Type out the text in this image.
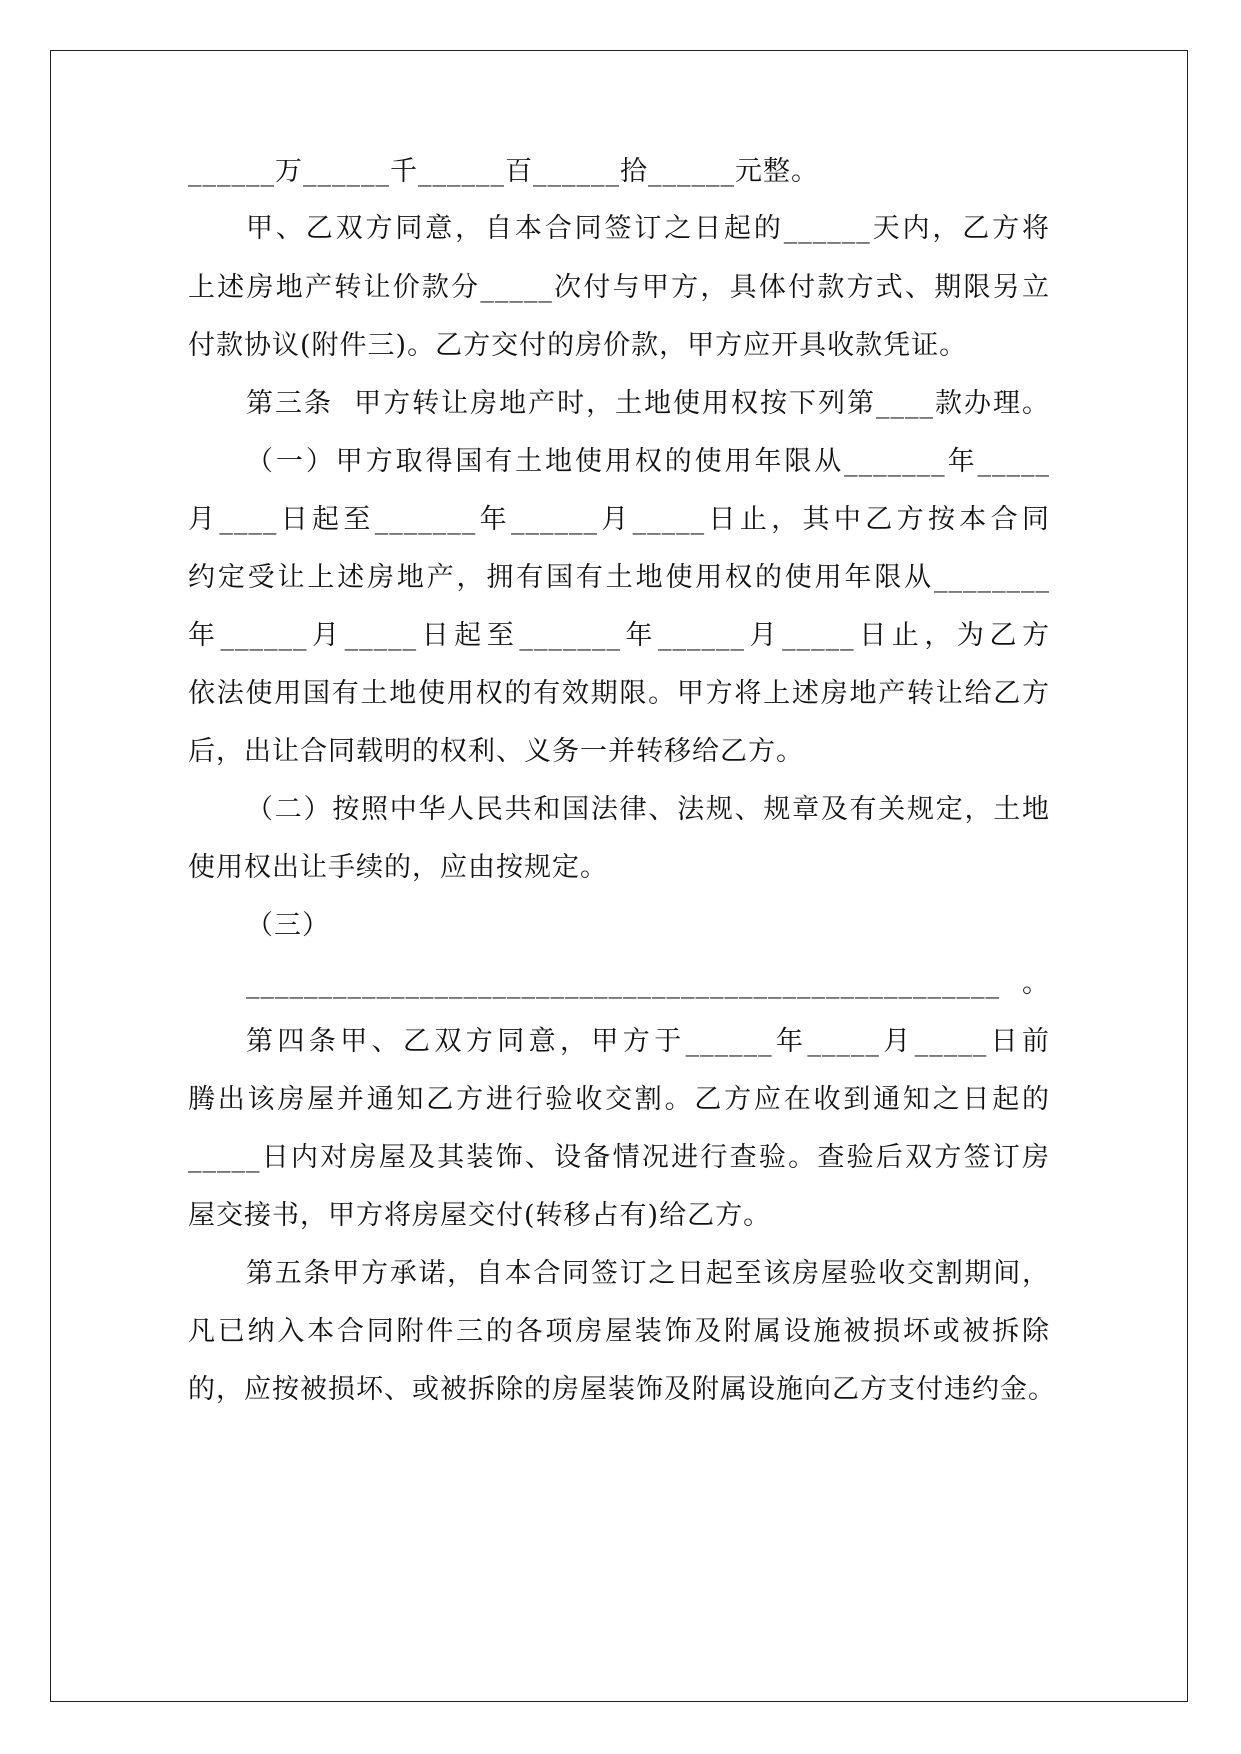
______万______千______百______拾______元整。
甲、乙双方同意，自本合同签订之日起的______天内，乙方将
上述房地产转让价款分_____次付与甲方，具体付款方式、期限另立
付款协议(附件三)。乙方交付的房价款，甲方应开具收款凭证。
第三条  甲方转让房地产时，土地使用权按下列第____款办理。
（一）甲方取得国有土地使用权的使用年限从_______年_____
月____日起至_______年______月_____日止，其中乙方按本合同
约定受让上述房地产，拥有国有土地使用权的使用年限从________
年______月_____日起至_______年______月_____日止，为乙方
依法使用国有土地使用权的有效期限。甲方将上述房地产转让给乙方
后，出让合同载明的权利、义务一并转移给乙方。
（二）按照中华人民共和国法律、法规、规章及有关规定，土地
使用权出让手续的，应由按规定。
（三）
____________________________________________________。
第四条甲、乙双方同意，甲方于______年_____月_____日前
腾出该房屋并通知乙方进行验收交割。乙方应在收到通知之日起的
_____日内对房屋及其装饰、设备情况进行查验。查验后双方签订房
屋交接书，甲方将房屋交付(转移占有)给乙方。
第五条甲方承诺，自本合同签订之日起至该房屋验收交割期间，
凡已纳入本合同附件三的各项房屋装饰及附属设施被损坏或被拆除
的，应按被损坏、或被拆除的房屋装饰及附属设施向乙方支付违约金。
